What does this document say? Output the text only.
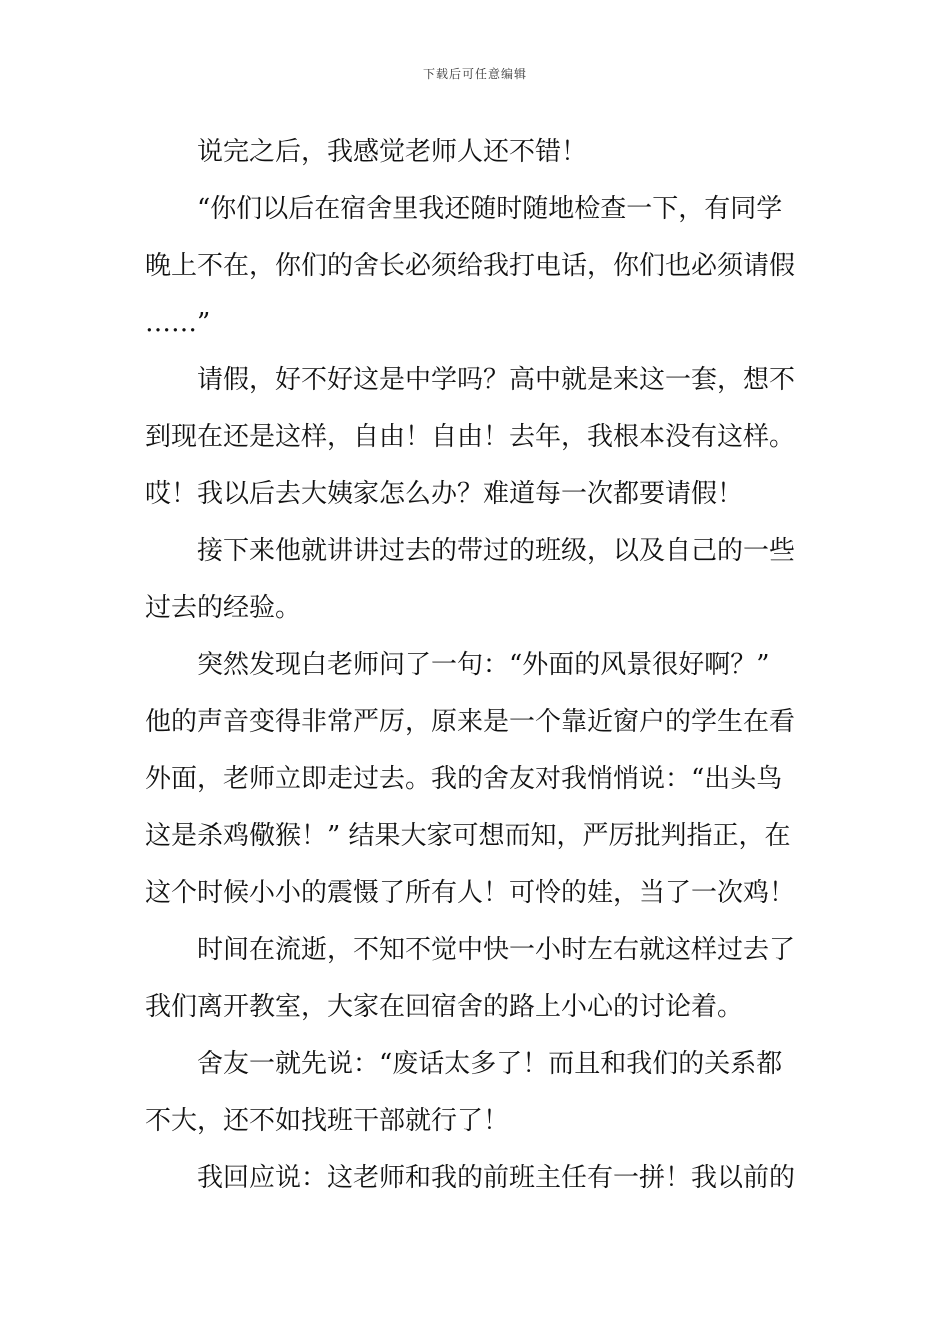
下载后可任意编辑
说完之后，我感觉老师人还不错！
“你们以后在宿舍里我还随时随地检查一下，有同学
晚上不在，你们的舍长必须给我打电话，你们也必须请假
……”
请假，好不好这是中学吗？高中就是来这一套，想不
到现在还是这样，自由！自由！去年，我根本没有这样。
哎！我以后去大姨家怎么办？难道每一次都要请假！
接下来他就讲讲过去的带过的班级，以及自己的一些
过去的经验。
突然发现白老师问了一句：“外面的风景很好啊？”
他的声音变得非常严厉，原来是一个靠近窗户的学生在看
外面，老师立即走过去。我的舍友对我悄悄说：“出头鸟
这是杀鸡儆猴！” 结果大家可想而知，严厉批判指正，在
这个时候小小的震慑了所有人！可怜的娃，当了一次鸡！
时间在流逝，不知不觉中快一小时左右就这样过去了
我们离开教室，大家在回宿舍的路上小心的讨论着。
舍友一就先说：“废话太多了！而且和我们的关系都
不大，还不如找班干部就行了！
我回应说：这老师和我的前班主任有一拼！我以前的
